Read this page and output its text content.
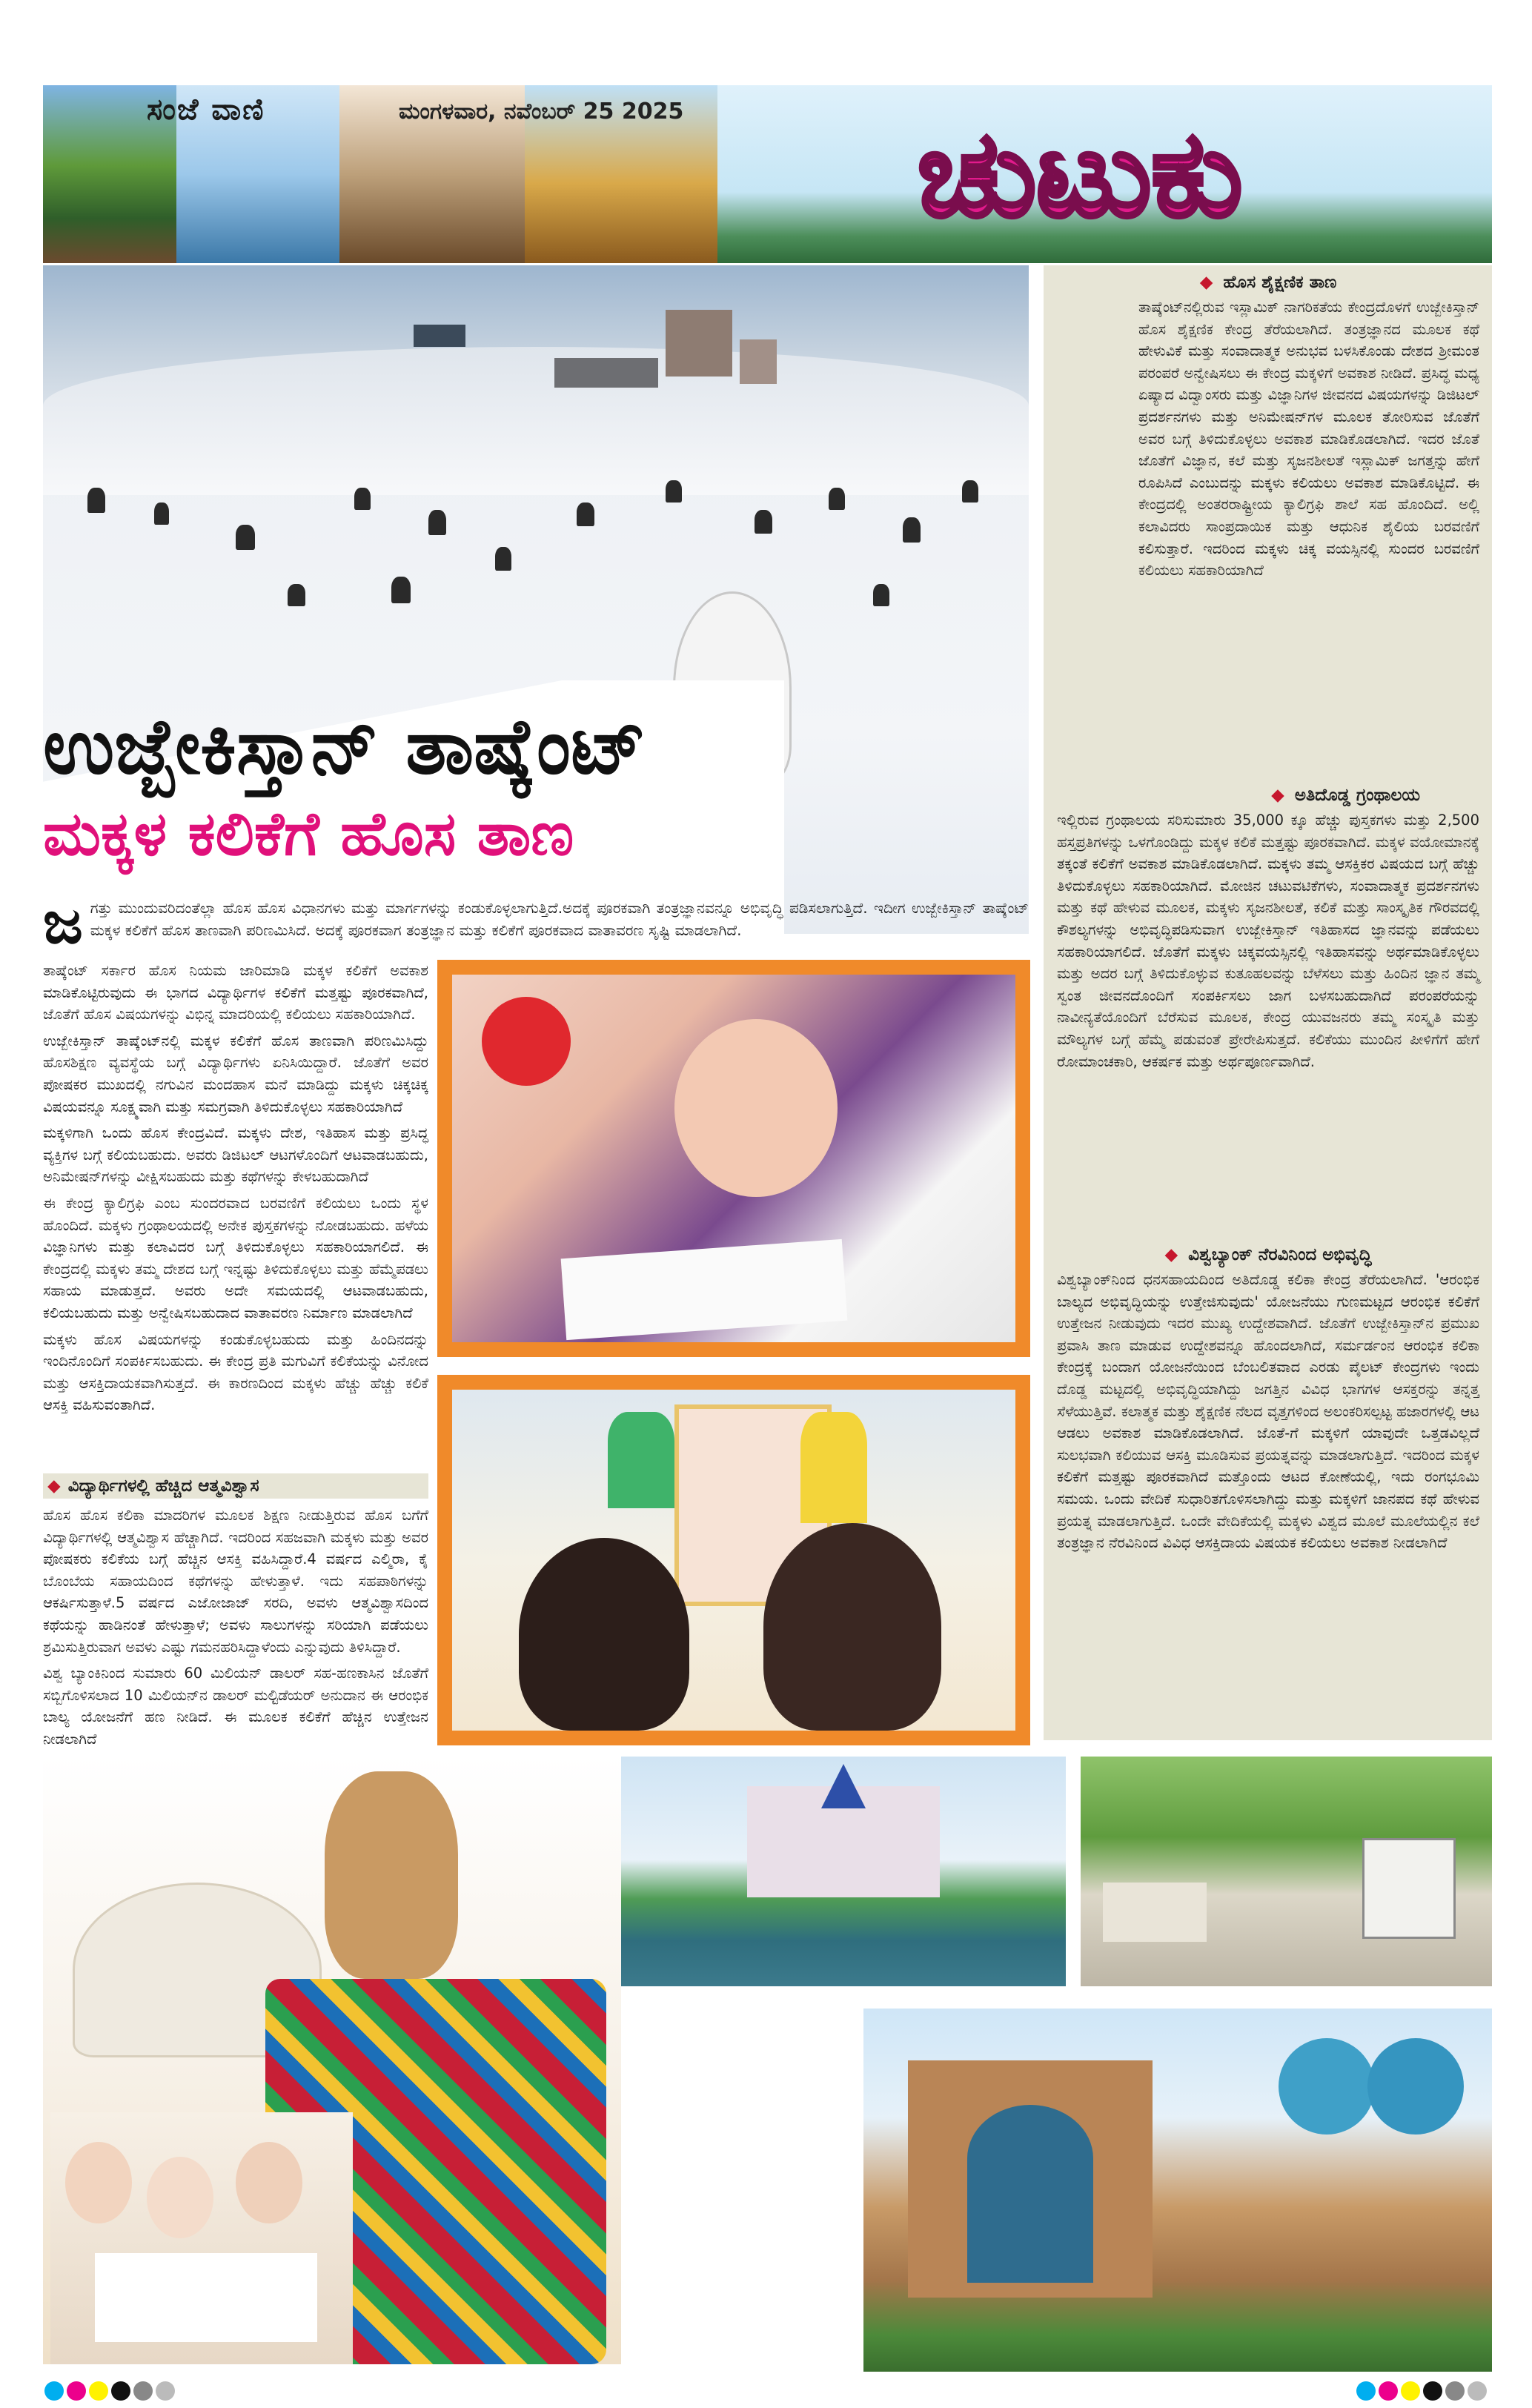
ಸಂಜೆ ವಾಣಿ	ಮಂಗಳವಾರ, ನವೆಂಬರ್ 25 2025 ಚುಟುಕು
ಉಜ್ಬೇಕಿಸ್ತಾನ್ ತಾಷ್ಕೆಂಟ್
ಮಕ್ಕಳ ಕಲಿಕೆಗೆ ಹೊಸ ತಾಣ
◆ ಹೊಸ ಶೈಕ್ಷಣಿಕ ತಾಣ

ತಾಷ್ಕೆಂಟ್‌ನಲ್ಲಿರುವ ಇಸ್ಲಾಮಿಕ್ ನಾಗರಿಕತೆಯ ಕೇಂದ್ರದೊಳಗೆ ಉಜ್ಬೇಕಿಸ್ತಾನ್ ಹೊಸ ಶೈಕ್ಷಣಿಕ ಕೇಂದ್ರ ತೆರೆಯಲಾಗಿದೆ. ತಂತ್ರಜ್ಞಾನದ ಮೂಲಕ ಕಥೆ ಹೇಳುವಿಕೆ ಮತ್ತು ಸಂವಾದಾತ್ಮಕ ಅನುಭವ ಬಳಸಿಕೊಂಡು ದೇಶದ ಶ್ರೀಮಂತ ಪರಂಪರೆ ಅನ್ವೇಷಿಸಲು ಈ ಕೇಂದ್ರ ಮಕ್ಕಳಿಗೆ ಅವಕಾಶ ನೀಡಿದೆ. ಪ್ರಸಿದ್ಧ ಮಧ್ಯ ಏಷ್ಯಾದ ವಿದ್ವಾಂಸರು ಮತ್ತು ವಿಜ್ಞಾನಿಗಳ ಜೀವನದ ವಿಷಯಗಳನ್ನು ಡಿಜಿಟಲ್ ಪ್ರದರ್ಶನಗಳು ಮತ್ತು ಅನಿಮೇಷನ್‌ಗಳ ಮೂಲಕ ತೋರಿಸುವ ಜೊತೆಗೆ ಅವರ ಬಗ್ಗೆ ತಿಳಿದುಕೊಳ್ಳಲು ಅವಕಾಶ ಮಾಡಿಕೊಡಲಾಗಿದೆ. ಇದರ ಜೊತೆ ಜೊತೆಗೆ ವಿಜ್ಞಾನ, ಕಲೆ ಮತ್ತು ಸೃಜನಶೀಲತೆ ಇಸ್ಲಾಮಿಕ್ ಜಗತ್ತನ್ನು ಹೇಗೆ ರೂಪಿಸಿದೆ ಎಂಬುದನ್ನು ಮಕ್ಕಳು ಕಲಿಯಲು ಅವಕಾಶ ಮಾಡಿಕೊಟ್ಟಿದೆ. ಈ ಕೇಂದ್ರದಲ್ಲಿ ಅಂತರರಾಷ್ಟ್ರೀಯ ಕ್ಯಾಲಿಗ್ರಫಿ ಶಾಲೆ ಸಹ ಹೊಂದಿದೆ. ಅಲ್ಲಿ ಕಲಾವಿದರು ಸಾಂಪ್ರದಾಯಿಕ ಮತ್ತು ಆಧುನಿಕ ಶೈಲಿಯ ಬರವಣಿಗೆ ಕಲಿಸುತ್ತಾರೆ. ಇದರಿಂದ ಮಕ್ಕಳು ಚಿಕ್ಕ ವಯಸ್ಸಿನಲ್ಲಿ ಸುಂದರ ಬರವಣಿಗೆ ಕಲಿಯಲು ಸಹಕಾರಿಯಾಗಿದೆ

◆ ಅತಿದೊಡ್ಡ ಗ್ರಂಥಾಲಯ

ಇಲ್ಲಿರುವ ಗ್ರಂಥಾಲಯ ಸರಿಸುಮಾರು 35,000 ಕ್ಕೂ ಹೆಚ್ಚು ಪುಸ್ತಕಗಳು ಮತ್ತು 2,500 ಹಸ್ತಪ್ರತಿಗಳನ್ನು ಒಳಗೊಂಡಿದ್ದು ಮಕ್ಕಳ ಕಲಿಕೆ ಮತ್ತಷ್ಟು ಪೂರಕವಾಗಿದೆ. ಮಕ್ಕಳ ವಯೋಮಾನಕ್ಕೆ ತಕ್ಕಂತೆ ಕಲಿಕೆಗೆ ಅವಕಾಶ ಮಾಡಿಕೊಡಲಾಗಿದೆ. ಮಕ್ಕಳು ತಮ್ಮ ಆಸಕ್ತಿಕರ ವಿಷಯದ ಬಗ್ಗೆ ಹೆಚ್ಚು ತಿಳಿದುಕೊಳ್ಳಲು ಸಹಕಾರಿಯಾಗಿದೆ. ಮೋಜಿನ ಚಟುವಟಿಕೆಗಳು, ಸಂವಾದಾತ್ಮಕ ಪ್ರದರ್ಶನಗಳು ಮತ್ತು ಕಥೆ ಹೇಳುವ ಮೂಲಕ, ಮಕ್ಕಳು ಸೃಜನಶೀಲತೆ, ಕಲಿಕೆ ಮತ್ತು ಸಾಂಸ್ಕೃತಿಕ ಗೌರವದಲ್ಲಿ ಕೌಶಲ್ಯಗಳನ್ನು ಅಭಿವೃದ್ಧಿಪಡಿಸುವಾಗ ಉಜ್ಬೇಕಿಸ್ತಾನ್ ಇತಿಹಾಸದ ಜ್ಞಾನವನ್ನು ಪಡೆಯಲು ಸಹಕಾರಿಯಾಗಲಿದೆ. ಜೊತೆಗೆ ಮಕ್ಕಳು ಚಿಕ್ಕವಯಸ್ಸಿನಲ್ಲಿ ಇತಿಹಾಸವನ್ನು ಅರ್ಥಮಾಡಿಕೊಳ್ಳಲು ಮತ್ತು ಅದರ ಬಗ್ಗೆ ತಿಳಿದುಕೊಳ್ಳುವ ಕುತೂಹಲವನ್ನು ಬೆಳೆಸಲು ಮತ್ತು ಹಿಂದಿನ ಜ್ಞಾನ ತಮ್ಮ ಸ್ವಂತ ಜೀವನದೊಂದಿಗೆ ಸಂಪರ್ಕಿಸಲು ಜಾಗ ಬಳಸಬಹುದಾಗಿದೆ ಪರಂಪರೆಯನ್ನು ನಾವೀನ್ಯತೆಯೊಂದಿಗೆ ಬೆರೆಸುವ ಮೂಲಕ, ಕೇಂದ್ರ ಯುವಜನರು ತಮ್ಮ ಸಂಸ್ಕೃತಿ ಮತ್ತು ಮೌಲ್ಯಗಳ ಬಗ್ಗೆ ಹೆಮ್ಮೆ ಪಡುವಂತೆ ಪ್ರೇರೇಪಿಸುತ್ತದೆ. ಕಲಿಕೆಯು ಮುಂದಿನ ಪೀಳಿಗೆಗೆ ಹೇಗೆ ರೋಮಾಂಚಕಾರಿ, ಆಕರ್ಷಕ ಮತ್ತು ಅರ್ಥಪೂರ್ಣವಾಗಿದೆ.

◆ ವಿಶ್ವಬ್ಯಾಂಕ್ ನೆರವಿನಿಂದ ಅಭಿವೃದ್ಧಿ

ವಿಶ್ವಬ್ಯಾಂಕ್‌ನಿಂದ ಧನಸಹಾಯದಿಂದ ಅತಿದೊಡ್ಡ ಕಲಿಕಾ ಕೇಂದ್ರ ತೆರೆಯಲಾಗಿದೆ. 'ಆರಂಭಿಕ ಬಾಲ್ಯದ ಅಭಿವೃದ್ಧಿಯನ್ನು ಉತ್ತೇಜಿಸುವುದು' ಯೋಜನೆಯು ಗುಣಮಟ್ಟದ ಆರಂಭಿಕ ಕಲಿಕೆಗೆ ಉತ್ತೇಜನ ನೀಡುವುದು ಇದರ ಮುಖ್ಯ ಉದ್ದೇಶವಾಗಿದೆ. ಜೊತೆಗೆ ಉಜ್ಬೇಕಿಸ್ತಾನ್‌ನ ಪ್ರಮುಖ ಪ್ರವಾಸಿ ತಾಣ ಮಾಡುವ ಉದ್ದೇಶವನ್ನೂ ಹೊಂದಲಾಗಿದೆ, ಸರ್ಮರ್ಡಂನ ಆರಂಭಿಕ ಕಲಿಕಾ ಕೇಂದ್ರಕ್ಕೆ ಬಂದಾಗ ಯೋಜನೆಯಿಂದ ಬೆಂಬಲಿತವಾದ ಎರಡು ಪೈಲಟ್ ಕೇಂದ್ರಗಳು ಇಂದು ದೊಡ್ಡ ಮಟ್ಟದಲ್ಲಿ ಅಭಿವೃದ್ಧಿಯಾಗಿದ್ದು ಜಗತ್ತಿನ ವಿವಿಧ ಭಾಗಗಳ ಆಸಕ್ತರನ್ನು ತನ್ನತ್ತ ಸೆಳೆಯುತ್ತಿವೆ. ಕಲಾತ್ಮಕ ಮತ್ತು ಶೈಕ್ಷಣಿಕ ನೆಲದ ವೃತ್ತಗಳಿಂದ ಅಲಂಕರಿಸಲ್ಪಟ್ಟ ಹಜಾರಗಳಲ್ಲಿ ಆಟ ಆಡಲು ಅವಕಾಶ ಮಾಡಿಕೊಡಲಾಗಿದೆ. ಜೊತೆ-ಗೆ ಮಕ್ಕಳಿಗೆ ಯಾವುದೇ ಒತ್ತಡವಿಲ್ಲದೆ ಸುಲಭವಾಗಿ ಕಲಿಯುವ ಆಸಕ್ತಿ ಮೂಡಿಸುವ ಪ್ರಯತ್ನವನ್ನು ಮಾಡಲಾಗುತ್ತಿದೆ. ಇದರಿಂದ ಮಕ್ಕಳ ಕಲಿಕೆಗೆ ಮತ್ತಷ್ಟು ಪೂರಕವಾಗಿದೆ ಮತ್ತೊಂದು ಆಟದ ಕೋಣೆಯಲ್ಲಿ, ಇದು ರಂಗಭೂಮಿ ಸಮಯ. ಒಂದು ವೇದಿಕೆ ಸುಧಾರಿತಗೊಳಿಸಲಾಗಿದ್ದು ಮತ್ತು ಮಕ್ಕಳಿಗೆ ಜಾನಪದ ಕಥೆ ಹೇಳುವ ಪ್ರಯತ್ನ ಮಾಡಲಾಗುತ್ತಿದೆ. ಒಂದೇ ವೇದಿಕೆಯಲ್ಲಿ ಮಕ್ಕಳು ವಿಶ್ವದ ಮೂಲೆ ಮೂಲೆಯಲ್ಲಿನ ಕಲೆ ತಂತ್ರಜ್ಞಾನ ನೆರವಿನಿಂದ ವಿವಿಧ ಆಸಕ್ತಿದಾಯ ವಿಷಯಕ ಕಲಿಯಲು ಅವಕಾಶ ನೀಡಲಾಗಿದೆ

ಜ ಗತ್ತು ಮುಂದುವರಿದಂತೆಲ್ಲಾ ಹೊಸ ಹೊಸ ವಿಧಾನಗಳು ಮತ್ತು ಮಾರ್ಗಗಳನ್ನು ಕಂಡುಕೊಳ್ಳಲಾಗುತ್ತಿದೆ.ಅದಕ್ಕೆ ಪೂರಕವಾಗಿ ತಂತ್ರಜ್ಞಾನವನ್ನೂ ಅಭಿವೃದ್ಧಿ ಪಡಿಸಲಾಗುತ್ತಿದೆ. ಇದೀಗ ಉಜ್ಬೇಕಿಸ್ತಾನ್ ತಾಷ್ಕೆಂಟ್ ಮಕ್ಕಳ ಕಲಿಕೆಗೆ ಹೊಸ ತಾಣವಾಗಿ ಪರಿಣಮಿಸಿದೆ. ಅದಕ್ಕೆ ಪೂರಕವಾಗ ತಂತ್ರಜ್ಞಾನ ಮತ್ತು ಕಲಿಕೆಗೆ ಪೂರಕವಾದ ವಾತಾವರಣ ಸೃಷ್ಟಿ ಮಾಡಲಾಗಿದೆ.

ತಾಷ್ಕೆಂಟ್ ಸರ್ಕಾರ ಹೊಸ ನಿಯಮ ಜಾರಿಮಾಡಿ ಮಕ್ಕಳ ಕಲಿಕೆಗೆ ಅವಕಾಶ ಮಾಡಿಕೊಟ್ಟಿರುವುದು ಈ ಭಾಗದ ವಿದ್ಯಾರ್ಥಿಗಳ ಕಲಿಕೆಗೆ ಮತ್ತಷ್ಟು ಪೂರಕವಾಗಿದೆ, ಜೊತೆಗೆ ಹೊಸ ವಿಷಯಗಳನ್ನು ವಿಭಿನ್ನ ಮಾದರಿಯಲ್ಲಿ ಕಲಿಯಲು ಸಹಕಾರಿಯಾಗಿದೆ.

ಉಜ್ಬೇಕಿಸ್ತಾನ್ ತಾಷ್ಕೆಂಟ್‌ನಲ್ಲಿ ಮಕ್ಕಳ ಕಲಿಕೆಗೆ ಹೊಸ ತಾಣವಾಗಿ ಪರಿಣಮಿಸಿದ್ದು ಹೊಸಶಿಕ್ಷಣ ವ್ಯವಸ್ಥೆಯ ಬಗ್ಗೆ ವಿದ್ಯಾರ್ಥಿಗಳು ಏನಿಸಿಯಿದ್ದಾರೆ. ಜೊತೆಗೆ ಅವರ ಪೋಷಕರ ಮುಖದಲ್ಲಿ ನಗುವಿನ ಮಂದಹಾಸ ಮನೆ ಮಾಡಿದ್ದು ಮಕ್ಕಳು ಚಿಕ್ಕಚಿಕ್ಕ ವಿಷಯವನ್ನೂ ಸೂಕ್ಷ್ಮವಾಗಿ ಮತ್ತು ಸಮಗ್ರವಾಗಿ ತಿಳಿದುಕೊಳ್ಳಲು ಸಹಕಾರಿಯಾಗಿದೆ

ಮಕ್ಕಳಿಗಾಗಿ ಒಂದು ಹೊಸ ಕೇಂದ್ರವಿದೆ. ಮಕ್ಕಳು ದೇಶ, ಇತಿಹಾಸ ಮತ್ತು ಪ್ರಸಿದ್ಧ ವ್ಯಕ್ತಿಗಳ ಬಗ್ಗೆ ಕಲಿಯಬಹುದು. ಅವರು ಡಿಜಿಟಲ್ ಆಟಗಳೊಂದಿಗೆ ಆಟವಾಡಬಹುದು, ಅನಿಮೇಷನ್‌ಗಳನ್ನು ವೀಕ್ಷಿಸಬಹುದು ಮತ್ತು ಕಥೆಗಳನ್ನು ಕೇಳಬಹುದಾಗಿದೆ

ಈ ಕೇಂದ್ರ ಕ್ಯಾಲಿಗ್ರಫಿ ಎಂಬ ಸುಂದರವಾದ ಬರವಣಿಗೆ ಕಲಿಯಲು ಒಂದು ಸ್ಥಳ ಹೊಂದಿದೆ. ಮಕ್ಕಳು ಗ್ರಂಥಾಲಯದಲ್ಲಿ ಅನೇಕ ಪುಸ್ತಕಗಳನ್ನು ನೋಡಬಹುದು. ಹಳೆಯ ವಿಜ್ಞಾನಿಗಳು ಮತ್ತು ಕಲಾವಿದರ ಬಗ್ಗೆ ತಿಳಿದುಕೊಳ್ಳಲು ಸಹಕಾರಿಯಾಗಲಿದೆ. ಈ ಕೇಂದ್ರದಲ್ಲಿ ಮಕ್ಕಳು ತಮ್ಮ ದೇಶದ ಬಗ್ಗೆ ಇನ್ನಷ್ಟು ತಿಳಿದುಕೊಳ್ಳಲು ಮತ್ತು ಹೆಮ್ಮೆಪಡಲು ಸಹಾಯ ಮಾಡುತ್ತದೆ. ಅವರು ಅದೇ ಸಮಯದಲ್ಲಿ ಆಟವಾಡಬಹುದು, ಕಲಿಯಬಹುದು ಮತ್ತು ಅನ್ವೇಷಿಸಬಹುದಾದ ವಾತಾವರಣ ನಿರ್ಮಾಣ ಮಾಡಲಾಗಿದೆ

ಮಕ್ಕಳು ಹೊಸ ವಿಷಯಗಳನ್ನು ಕಂಡುಕೊಳ್ಳಬಹುದು ಮತ್ತು ಹಿಂದಿನದನ್ನು ಇಂದಿನೊಂದಿಗೆ ಸಂಪರ್ಕಿಸಬಹುದು. ಈ ಕೇಂದ್ರ ಪ್ರತಿ ಮಗುವಿಗೆ ಕಲಿಕೆಯನ್ನು ವಿನೋದ ಮತ್ತು ಆಸಕ್ತಿದಾಯಕವಾಗಿಸುತ್ತದೆ. ಈ ಕಾರಣದಿಂದ ಮಕ್ಕಳು ಹೆಚ್ಚು ಹೆಚ್ಚು ಕಲಿಕೆ ಆಸಕ್ತಿ ವಹಿಸುವಂತಾಗಿದೆ.

◆ ವಿದ್ಯಾರ್ಥಿಗಳಲ್ಲಿ ಹೆಚ್ಚಿದ ಆತ್ಮವಿಶ್ವಾಸ

ಹೊಸ ಹೊಸ ಕಲಿಕಾ ಮಾದರಿಗಳ ಮೂಲಕ ಶಿಕ್ಷಣ ನೀಡುತ್ತಿರುವ ಹೊಸ ಬಗೆಗೆ ವಿದ್ಯಾರ್ಥಿಗಳಲ್ಲಿ ಆತ್ಮವಿಶ್ವಾಸ ಹೆಚ್ಚಾಗಿದೆ. ಇದರಿಂದ ಸಹಜವಾಗಿ ಮಕ್ಕಳು ಮತ್ತು ಅವರ ಪೋಷಕರು ಕಲಿಕೆಯ ಬಗ್ಗೆ ಹೆಚ್ಚಿನ ಆಸಕ್ತಿ ವಹಿಸಿದ್ದಾರೆ.4 ವರ್ಷದ ಎಲ್ಮಿರಾ, ಕೈ ಬೊಂಬೆಯ ಸಹಾಯದಿಂದ ಕಥೆಗಳನ್ನು ಹೇಳುತ್ತಾಳೆ. ಇದು ಸಹಪಾಠಿಗಳನ್ನು ಆಕರ್ಷಿಸುತ್ತಾಳೆ.5 ವರ್ಷದ ಎಜೋಜಾಜ್ ಸರದಿ, ಅವಳು ಆತ್ಮವಿಶ್ವಾಸದಿಂದ ಕಥೆಯನ್ನು ಹಾಡಿನಂತೆ ಹೇಳುತ್ತಾಳೆ; ಅವಳು ಸಾಲುಗಳನ್ನು ಸರಿಯಾಗಿ ಪಡೆಯಲು ಶ್ರಮಿಸುತ್ತಿರುವಾಗ ಅವಳು ಎಷ್ಟು ಗಮನಹರಿಸಿದ್ದಾಳೆಂದು ಎನ್ನುವುದು ತಿಳಿಸಿದ್ದಾರೆ.

ವಿಶ್ವ ಬ್ಯಾಂಕಿನಿಂದ ಸುಮಾರು 60 ಮಿಲಿಯನ್ ಡಾಲರ್ ಸಹ-ಹಣಕಾಸಿನ ಜೊತೆಗೆ ಸಬ್ಬಿಗೊಳಿಸಲಾದ 10 ಮಿಲಿಯನ್‌ನ ಡಾಲರ್ ಮಲ್ಟಿಡೆಯರ್ ಅನುದಾನ ಈ ಆರಂಭಿಕ ಬಾಲ್ಯ ಯೋಜನೆಗೆ ಹಣ ನೀಡಿದೆ. ಈ ಮೂಲಕ ಕಲಿಕೆಗೆ ಹೆಚ್ಚಿನ ಉತ್ತೇಜನ ನೀಡಲಾಗಿದೆ
